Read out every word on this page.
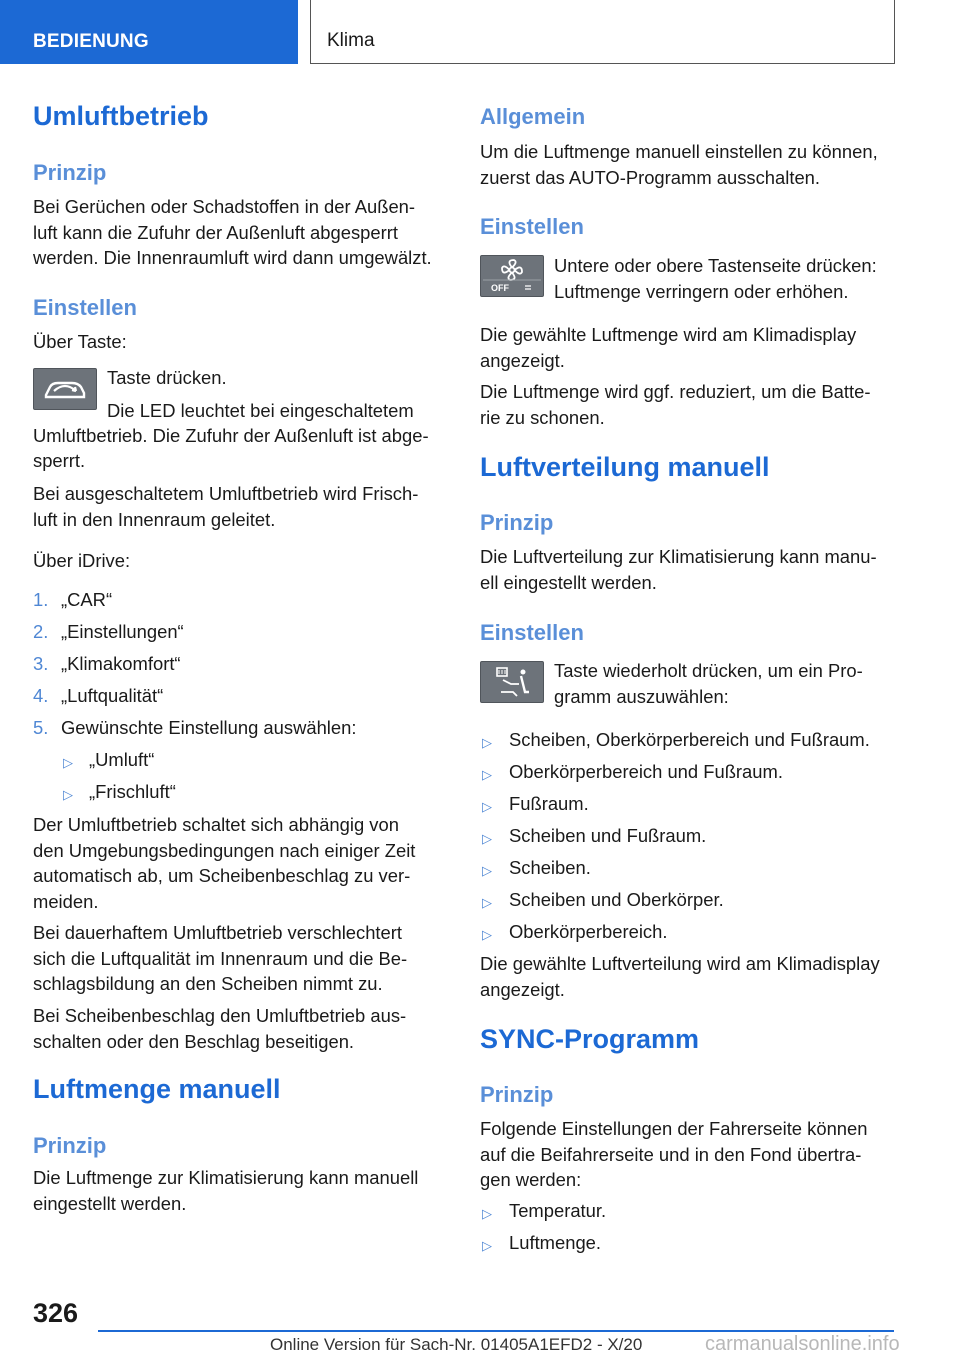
BEDIENUNG	Klima
Umluftbetrieb
Prinzip

Bei Gerüchen oder Schadstoffen in der Außen-

luft kann die Zufuhr der Außenluft abgesperrt

werden. Die Innenraumluft wird dann umgewälzt.

Einstellen

Über Taste:

Taste drücken.

Die LED leuchtet bei eingeschaltetem

Umluftbetrieb. Die Zufuhr der Außenluft ist abge-

sperrt.

Bei ausgeschaltetem Umluftbetrieb wird Frisch-

luft in den Innenraum geleitet.

Über iDrive:

1. „CAR“
2. „Einstellungen“
3. „Klimakomfort“
4. „Luftqualität“
5. Gewünschte Einstellung auswählen:
▷ „Umluft“
▷ „Frischluft“

Der Umluftbetrieb schaltet sich abhängig von

den Umgebungsbedingungen nach einiger Zeit

automatisch ab, um Scheibenbeschlag zu ver-

meiden.

Bei dauerhaftem Umluftbetrieb verschlechtert

sich die Luftqualität im Innenraum und die Be-

schlagsbildung an den Scheiben nimmt zu.

Bei Scheibenbeschlag den Umluftbetrieb aus-

schalten oder den Beschlag beseitigen.

Luftmenge manuell
Prinzip

Die Luftmenge zur Klimatisierung kann manuell

eingestellt werden.

Allgemein

Um die Luftmenge manuell einstellen zu können,

zuerst das AUTO-Programm ausschalten.

Einstellen
OFF

Untere oder obere Tastenseite drücken:

Luftmenge verringern oder erhöhen.

Die gewählte Luftmenge wird am Klimadisplay

angezeigt.

Die Luftmenge wird ggf. reduziert, um die Batte-

rie zu schonen.

Luftverteilung manuell
Prinzip

Die Luftverteilung zur Klimatisierung kann manu-

ell eingestellt werden.

Einstellen

Taste wiederholt drücken, um ein Pro-

gramm auszuwählen:

▷ Scheiben, Oberkörperbereich und Fußraum.
▷ Oberkörperbereich und Fußraum.
▷ Fußraum.
▷ Scheiben und Fußraum.
▷ Scheiben.
▷ Scheiben und Oberkörper.
▷ Oberkörperbereich.

Die gewählte Luftverteilung wird am Klimadisplay

angezeigt.

SYNC-Programm
Prinzip

Folgende Einstellungen der Fahrerseite können

auf die Beifahrerseite und in den Fond übertra-

gen werden:

▷ Temperatur.
▷ Luftmenge.
326
Online Version für Sach-Nr. 01405A1EFD2 - X/20	carmanualsonline.info
